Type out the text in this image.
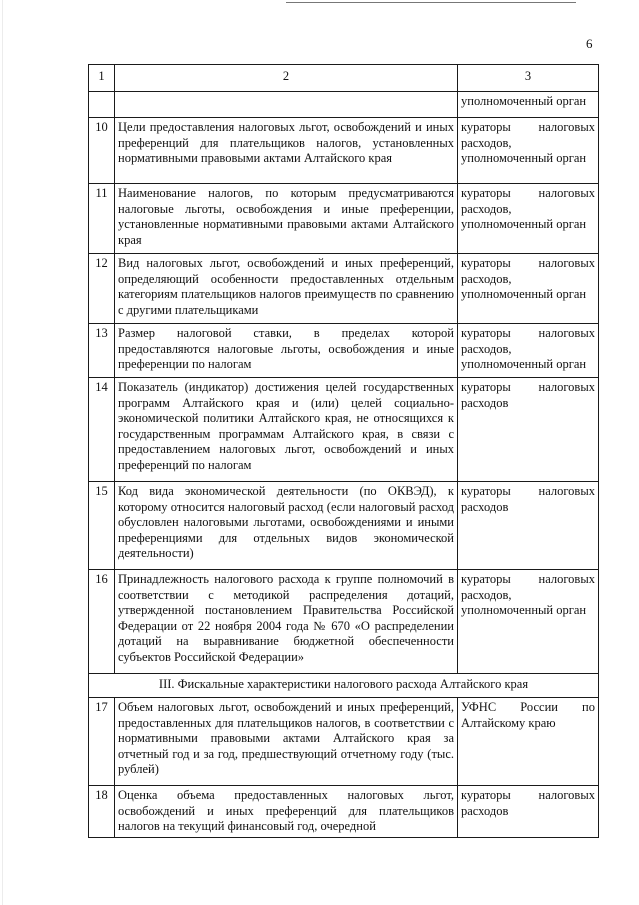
6
1	2	3
		уполномоченный орган
10	Цели предоставления налоговых льгот, освобождений и иных преференций для плательщиков налогов, установленных нормативными правовыми актами Алтайского края	кураторы налоговых расходов, уполномоченный орган
11	Наименование налогов, по которым предусматриваются налоговые льготы, освобождения и иные преференции, установленные нормативными правовыми актами Алтайского края	кураторы налоговых расходов, уполномоченный орган
12	Вид налоговых льгот, освобождений и иных преференций, определяющий особенности предоставленных отдельным категориям плательщиков налогов преимуществ по сравнению с другими плательщиками	кураторы налоговых расходов, уполномоченный орган
13	Размер налоговой ставки, в пределах которой предоставляются налоговые льготы, освобождения и иные преференции по налогам	кураторы налоговых расходов, уполномоченный орган
14	Показатель (индикатор) достижения целей государственных программ Алтайского края и (или) целей социально-экономической политики Алтайского края, не относящихся к государственным программам Алтайского края, в связи с предоставлением налоговых льгот, освобождений и иных преференций по налогам	кураторы налоговых расходов
15	Код вида экономической деятельности (по ОКВЭД), к которому относится налоговый расход (если налоговый расход обусловлен налоговыми льготами, освобождениями и иными преференциями для отдельных видов экономической деятельности)	кураторы налоговых расходов
16	Принадлежность налогового расхода к группе полномочий в соответствии с методикой распределения дотаций, утвержденной постановлением Правительства Российской Федерации от 22 ноября 2004 года № 670 «О распределении дотаций на выравнивание бюджетной обеспеченности субъектов Российской Федерации»	кураторы налоговых расходов, уполномоченный орган
III. Фискальные характеристики налогового расхода Алтайского края		
17	Объем налоговых льгот, освобождений и иных преференций, предоставленных для плательщиков налогов, в соответствии с нормативными правовыми актами Алтайского края за отчетный год и за год, предшествующий отчетному году (тыс. рублей)	УФНС России по Алтайскому краю
18	Оценка объема предоставленных налоговых льгот, освобождений и иных преференций для плательщиков налогов на текущий финансовый год, очередной	кураторы налоговых расходов
